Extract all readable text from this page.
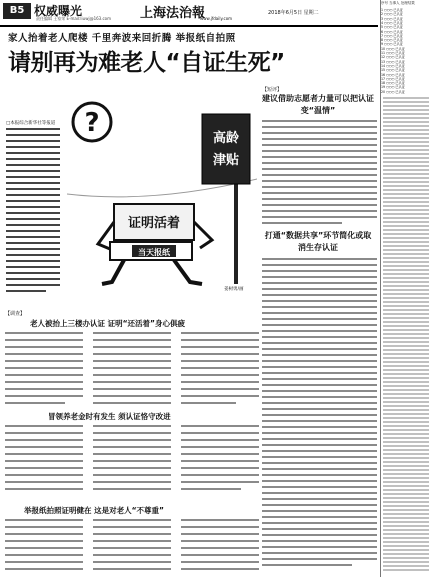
B5 权威曝光
责任编辑 王家荣 E-mail:liuwj@163.com 上海法治報
www.jfdaily.com
2018年6月5日 星期二
家人抬着老人爬楼 千里奔波来回折腾 举报纸自拍照
请别再为难老人“自证生死”
□本报综合新华社等报道 ?
高龄
津贴
证明活着
当天报纸
姜树勇/画
【短评】
建议借助志愿者力量可以把认证变“温情”
打通“数据共享”环节简化或取消生存认证
【调查】
老人被抬上三楼办认证 证明“还活着”身心俱疲
冒领养老金时有发生 须认证恪守改进
举报纸拍照证明健在 这是对老人“不尊重”
序号 当事人 处理结果
1 ○○○ 已认证
2 ○○○ 已认证
3 ○○○ 已认证
4 ○○○ 已认证
5 ○○○ 已认证
6 ○○○ 已认证
7 ○○○ 已认证
8 ○○○ 已认证
9 ○○○ 已认证
10 ○○○ 已认证
11 ○○○ 已认证
12 ○○○ 已认证
13 ○○○ 已认证
14 ○○○ 已认证
15 ○○○ 已认证
16 ○○○ 已认证
17 ○○○ 已认证
18 ○○○ 已认证
19 ○○○ 已认证
20 ○○○ 已认证
